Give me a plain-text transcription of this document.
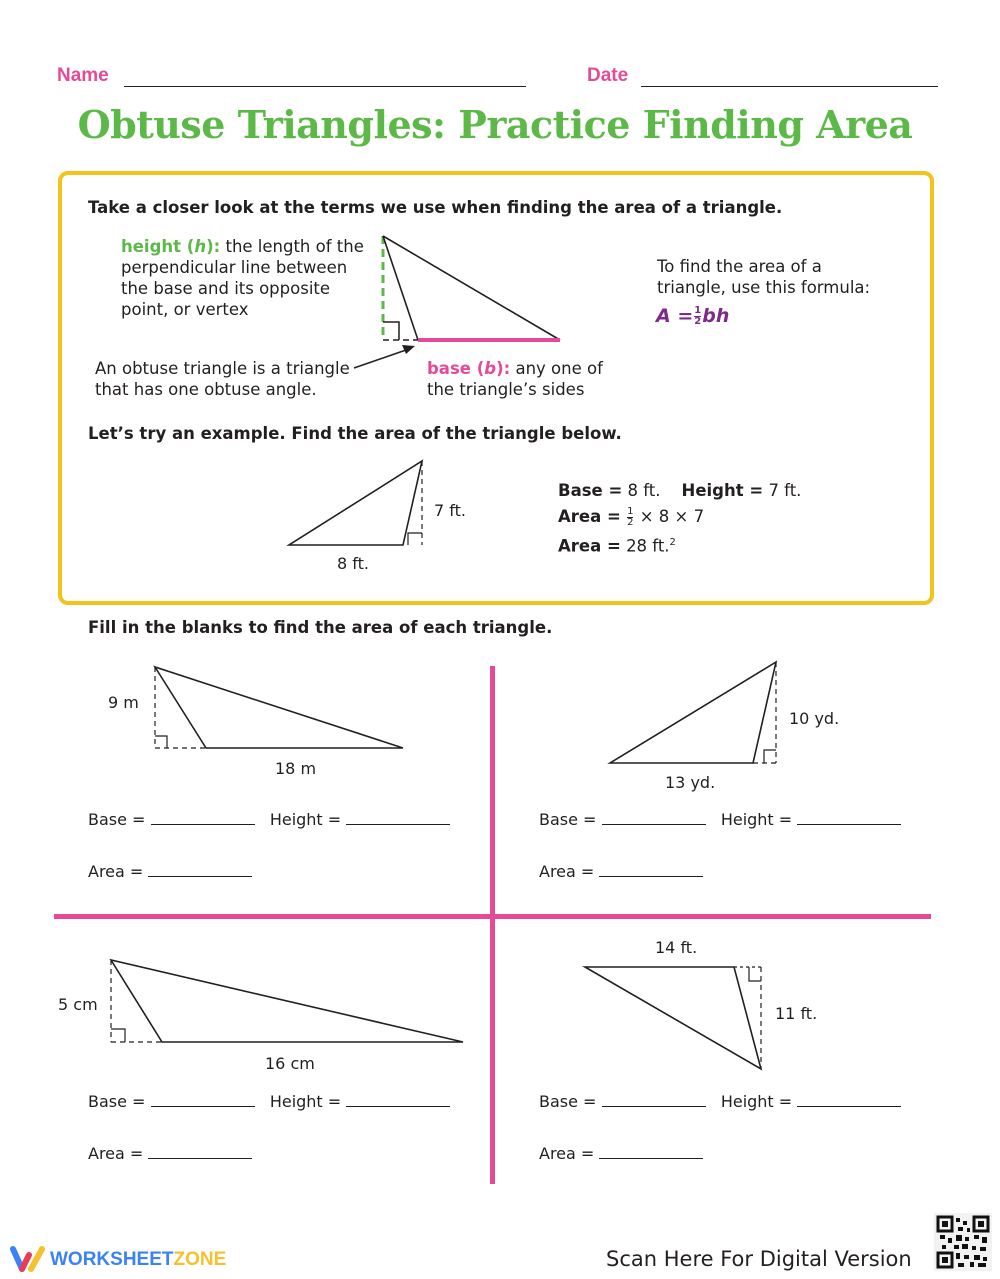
Name	Date
Obtuse Triangles: Practice Finding Area
Take a closer look at the terms we use when finding the area of a triangle.
height (h): the length of the
perpendicular line between
the base and its opposite
point, or vertex
An obtuse triangle is a triangle
that has one obtuse angle.
base (b): any one of
the triangle’s sides
To find the area of a
triangle, use this formula:
$A = \frac{1}{2}$ bh
Let’s try an example. Find the area of the triangle below.
7 ft.
8 ft.
Base = 8 ft. Height = 7 ft.
Area = $\frac{1}{2} \times 8 \times 7$
Area = 28 ft.$^2$
Fill in the blanks to find the area of each triangle.
9 m
18 m
10 yd.
13 yd.
5 cm
16 cm
11 ft.
14 ft.
Base =	Height =
Area =
Base =	Height =
Area =
Base =	Height =
Area =
Base =	Height =
Area =
WORKSHEETZONE	Scan Here For Digital Version
